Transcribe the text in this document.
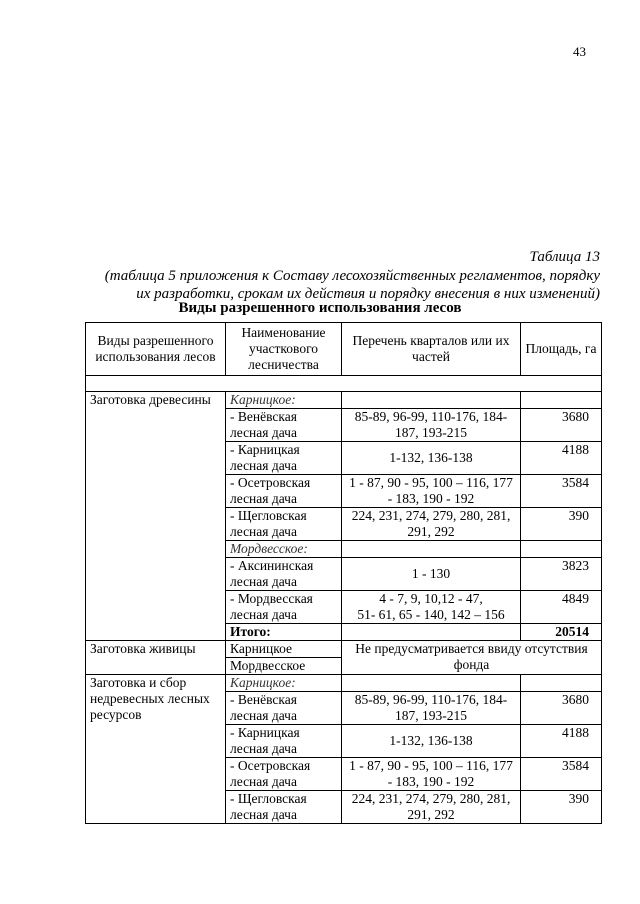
43
Таблица 13
(таблица 5 приложения к Составу лесохозяйственных регламентов, порядку
их разработки, срокам их действия и порядку внесения в них изменений)
Виды разрешенного использования лесов
Виды разрешенного использования лесов	Наименование участкового лесничества	Перечень кварталов или их частей	Площадь, га

Заготовка древесины	Карницкое:		
	- Венёвская лесная дача	85-89, 96-99, 110-176, 184-187, 193-215	3680
	- Карницкая лесная дача	1-132, 136-138	4188
	- Осетровская лесная дача	1 - 87, 90 - 95, 100 – 116, 177 - 183, 190 - 192	3584
	- Щегловская лесная дача	224, 231, 274, 279, 280, 281, 291, 292	390
	Мордвесское:		
	- Аксининская лесная дача	1 - 130	3823
	- Мордвесская лесная дача	4 - 7, 9, 10,12 - 47,
51- 61, 65 - 140, 142 – 156	4849
	Итого:		20514
Заготовка живицы	Карницкое	Не предусматривается ввиду отсутствия фонда	
	Мордвесское		
Заготовка и сбор недревесных лесных ресурсов	Карницкое:		
	- Венёвская лесная дача	85-89, 96-99, 110-176, 184-187, 193-215	3680
	- Карницкая лесная дача	1-132, 136-138	4188
	- Осетровская лесная дача	1 - 87, 90 - 95, 100 – 116, 177 - 183, 190 - 192	3584
	- Щегловская лесная дача	224, 231, 274, 279, 280, 281, 291, 292	390
